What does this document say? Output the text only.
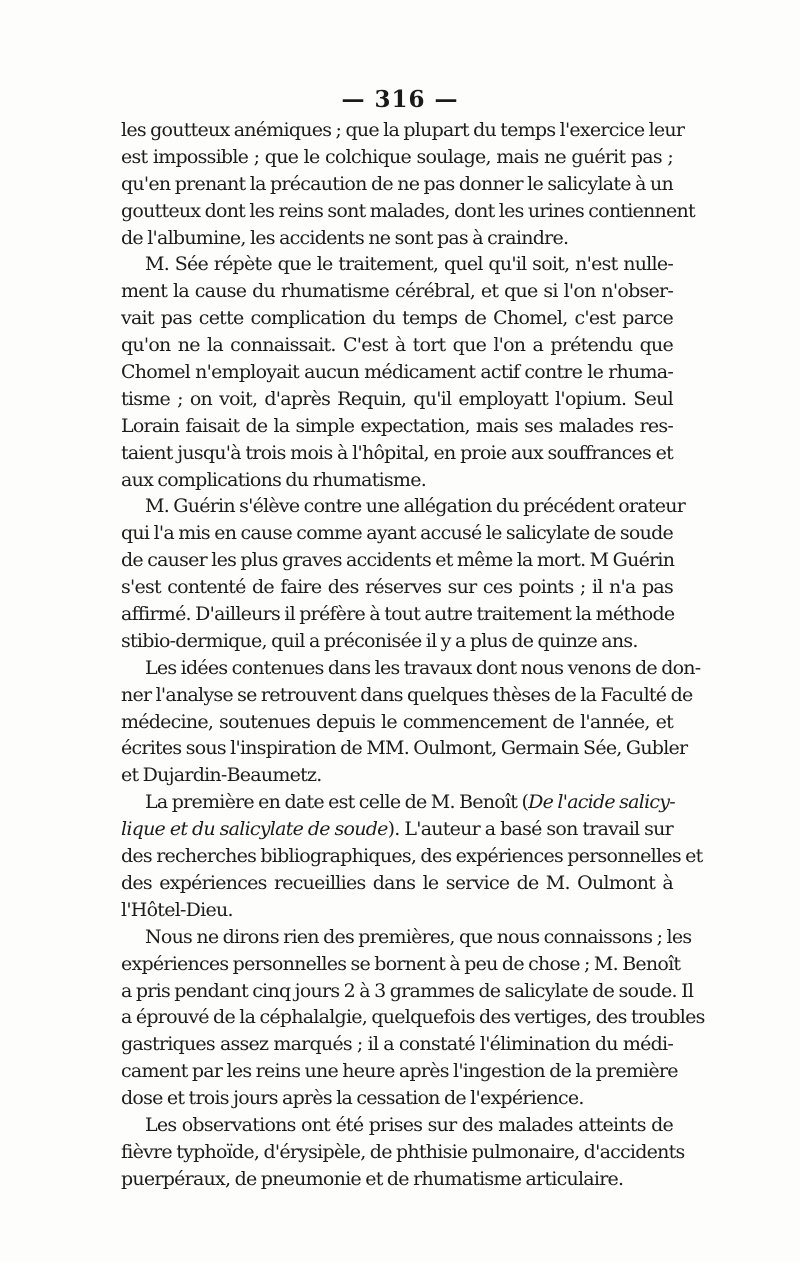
— 316 —
les goutteux anémiques ; que la plupart du temps l'exercice leur
est impossible ; que le colchique soulage, mais ne guérit pas ;
qu'en prenant la précaution de ne pas donner le salicylate à un
goutteux dont les reins sont malades, dont les urines contiennent
de l'albumine, les accidents ne sont pas à craindre.
M. Sée répète que le traitement, quel qu'il soit, n'est nulle-
ment la cause du rhumatisme cérébral, et que si l'on n'obser-
vait pas cette complication du temps de Chomel, c'est parce
qu'on ne la connaissait. C'est à tort que l'on a prétendu que
Chomel n'employait aucun médicament actif contre le rhuma-
tisme ; on voit, d'après Requin, qu'il employatt l'opium. Seul
Lorain faisait de la simple expectation, mais ses malades res-
taient jusqu'à trois mois à l'hôpital, en proie aux souffrances et
aux complications du rhumatisme.
M. Guérin s'élève contre une allégation du précédent orateur
qui l'a mis en cause comme ayant accusé le salicylate de soude
de causer les plus graves accidents et même la mort. M Guérin
s'est contenté de faire des réserves sur ces points ; il n'a pas
affirmé. D'ailleurs il préfère à tout autre traitement la méthode
stibio-dermique, quil a préconisée il y a plus de quinze ans.
Les idées contenues dans les travaux dont nous venons de don-
ner l'analyse se retrouvent dans quelques thèses de la Faculté de
médecine, soutenues depuis le commencement de l'année, et
écrites sous l'inspiration de MM. Oulmont, Germain Sée, Gubler
et Dujardin-Beaumetz.
La première en date est celle de M. Benoît (De l'acide salicy-
lique et du salicylate de soude). L'auteur a basé son travail sur
des recherches bibliographiques, des expériences personnelles et
des expériences recueillies dans le service de M. Oulmont à
l'Hôtel-Dieu.
Nous ne dirons rien des premières, que nous connaissons ; les
expériences personnelles se bornent à peu de chose ; M. Benoît
a pris pendant cinq jours 2 à 3 grammes de salicylate de soude. Il
a éprouvé de la céphalalgie, quelquefois des vertiges, des troubles
gastriques assez marqués ; il a constaté l'élimination du médi-
cament par les reins une heure après l'ingestion de la première
dose et trois jours après la cessation de l'expérience.
Les observations ont été prises sur des malades atteints de
fièvre typhoïde, d'érysipèle, de phthisie pulmonaire, d'accidents
puerpéraux, de pneumonie et de rhumatisme articulaire.
